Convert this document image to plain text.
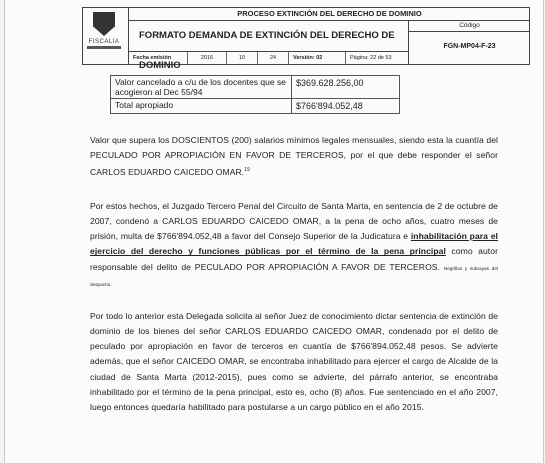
FISCALIA
PROCESO EXTINCIÓN DEL DERECHO DE DOMINIO
FORMATO DEMANDA DE EXTINCIÓN DEL DERECHO DE DOMINIO
Código
FGN-MP04-F-23
Fecha emisión	2016	10	24	Versión: 02	Página: 22 de 53
Valor cancelado a c/u de los docentes que se acogieron al Dec 55/94	$369.628.256,00
Total apropiado	$766'894.052,48

Valor que supera los DOSCIENTOS (200) salarios mínimos legales mensuales, siendo esta la cuantía del PECULADO POR APROPIACIÓN EN FAVOR DE TERCEROS, por el que debe responder el señor CARLOS EDUARDO CAICEDO OMAR.$^{19}$

Por estos hechos, el Juzgado Tercero Penal del Circuito de Santa Marta, en sentencia de 2 de octubre de 2007, condenó a CARLOS EDUARDO CAICEDO OMAR, a la pena de ocho años, cuatro meses de prisión, multa de $766'894.052,48 a favor del Consejo Superior de la Judicatura e inhabilitación para el ejercicio del derecho y funciones públicas por el término de la pena principal como autor responsable del delito de PECULADO POR APROPIACIÓN A FAVOR DE TERCEROS. Negrillas y subrayas del despacho.

Por todo lo anterior esta Delegada solicita al señor Juez de conocimiento dictar sentencia de extinción de dominio de los bienes del señor CARLOS EDUARDO CAICEDO OMAR, condenado por el delito de peculado por apropiación en favor de terceros en cuantía de $766'894.052,48 pesos. Se advierte además, que el señor CAICEDO OMAR, se encontraba inhabilitado para ejercer el cargo de Alcalde de la ciudad de Santa Marta (2012-2015), pues como se advierte, del párrafo anterior, se encontraba inhabilitado por el término de la pena principal, esto es, ocho (8) años. Fue sentenciado en el año 2007, luego entonces quedaría habilitado para postularse a un cargo público en el año 2015.
